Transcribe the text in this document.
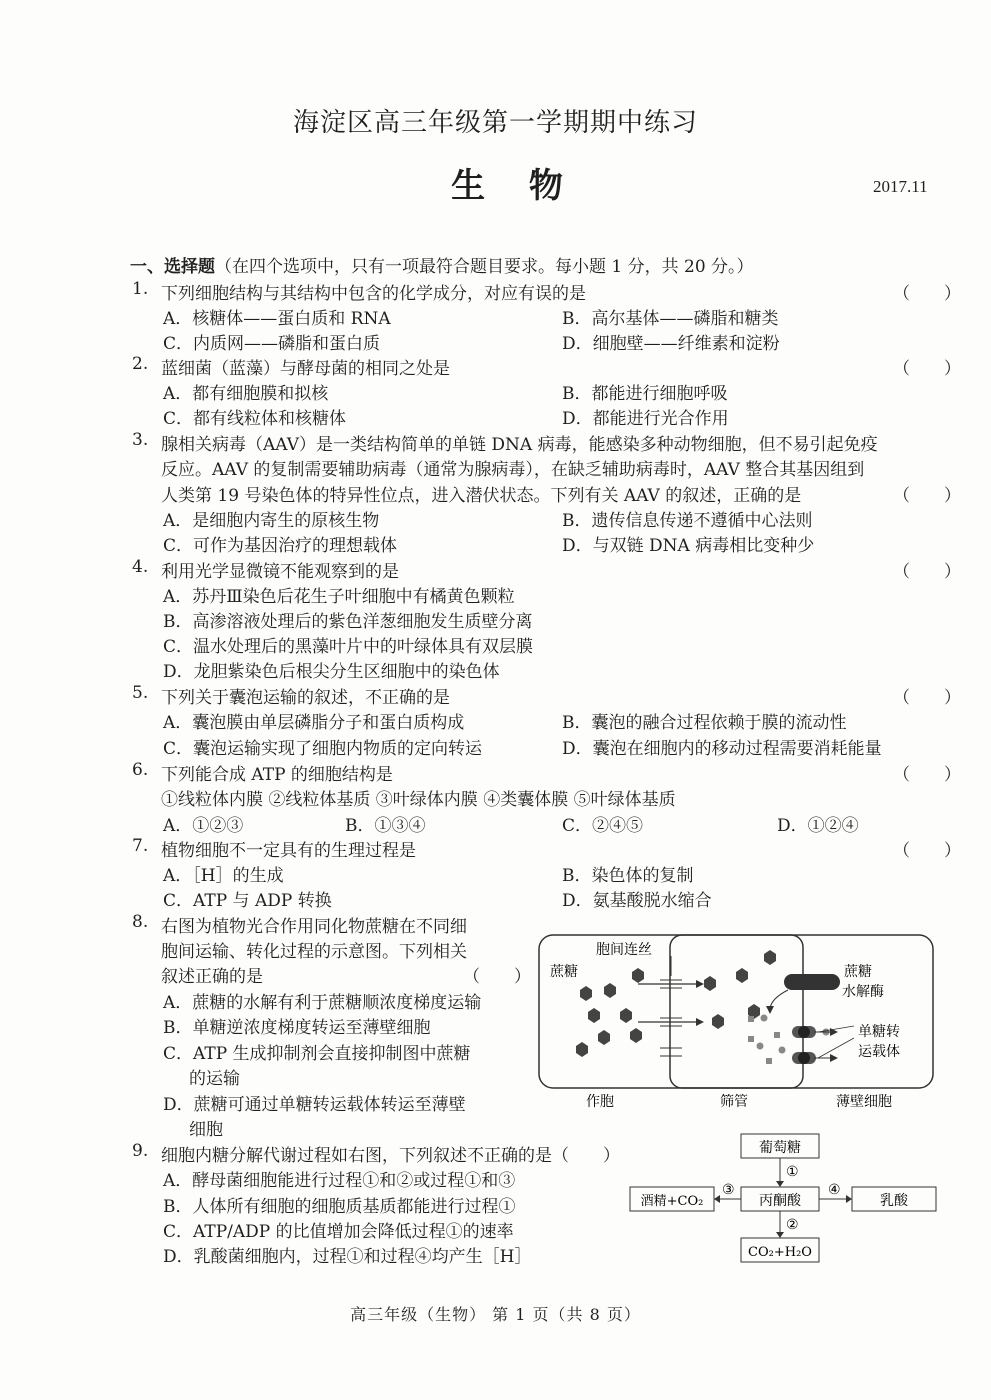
海淀区高三年级第一学期期中练习
生 物	2017.11
一、选择题（在四个选项中，只有一项最符合题目要求。每小题 1 分，共 20 分。）
1. 下列细胞结构与其结构中包含的化学成分，对应有误的是	（　　）
A．核糖体——蛋白质和 RNA	B．高尔基体——磷脂和糖类
C．内质网——磷脂和蛋白质	D．细胞壁——纤维素和淀粉
2. 蓝细菌（蓝藻）与酵母菌的相同之处是	（　　）
A．都有细胞膜和拟核	B．都能进行细胞呼吸
C．都有线粒体和核糖体	D．都能进行光合作用
3. 腺相关病毒（AAV）是一类结构简单的单链 DNA 病毒，能感染多种动物细胞，但不易引起免疫
反应。AAV 的复制需要辅助病毒（通常为腺病毒），在缺乏辅助病毒时，AAV 整合其基因组到
人类第 19 号染色体的特异性位点，进入潜伏状态。下列有关 AAV 的叙述，正确的是	（　　）
A．是细胞内寄生的原核生物	B．遗传信息传递不遵循中心法则
C．可作为基因治疗的理想载体	D．与双链 DNA 病毒相比变种少
4. 利用光学显微镜不能观察到的是	（　　）
A．苏丹Ⅲ染色后花生子叶细胞中有橘黄色颗粒
B．高渗溶液处理后的紫色洋葱细胞发生质壁分离
C．温水处理后的黑藻叶片中的叶绿体具有双层膜
D．龙胆紫染色后根尖分生区细胞中的染色体
5. 下列关于囊泡运输的叙述，不正确的是	（　　）
A．囊泡膜由单层磷脂分子和蛋白质构成	B．囊泡的融合过程依赖于膜的流动性
C．囊泡运输实现了细胞内物质的定向转运	D．囊泡在细胞内的移动过程需要消耗能量
6. 下列能合成 ATP 的细胞结构是	（　　）
①线粒体内膜 ②线粒体基质 ③叶绿体内膜 ④类囊体膜 ⑤叶绿体基质
A．①②③	B．①③④	C．②④⑤	D．①②④
7. 植物细胞不一定具有的生理过程是	（　　）
A．［H］的生成	B．染色体的复制
C．ATP 与 ADP 转换	D．氨基酸脱水缩合
8. 右图为植物光合作用同化物蔗糖在不同细
胞间运输、转化过程的示意图。下列相关
叙述正确的是	（　　）
A．蔗糖的水解有利于蔗糖顺浓度梯度运输
B．单糖逆浓度梯度转运至薄壁细胞
C．ATP 生成抑制剂会直接抑制图中蔗糖
的运输
D．蔗糖可通过单糖转运载体转运至薄壁
细胞
蔗糖
胞间连丝
蔗糖
水解酶
单糖转
运载体
作胞	筛管	薄壁细胞
9. 细胞内糖分解代谢过程如右图，下列叙述不正确的是（　　）
A．酵母菌细胞能进行过程①和②或过程①和③
B．人体所有细胞的细胞质基质都能进行过程①
C．ATP/ADP 的比值增加会降低过程①的速率
D．乳酸菌细胞内，过程①和过程④均产生［H］
葡萄糖
丙酮酸
酒精+CO₂	乳酸
CO₂+H₂O
①
②
③	④
高三年级（生物） 第 1 页（共 8 页）
